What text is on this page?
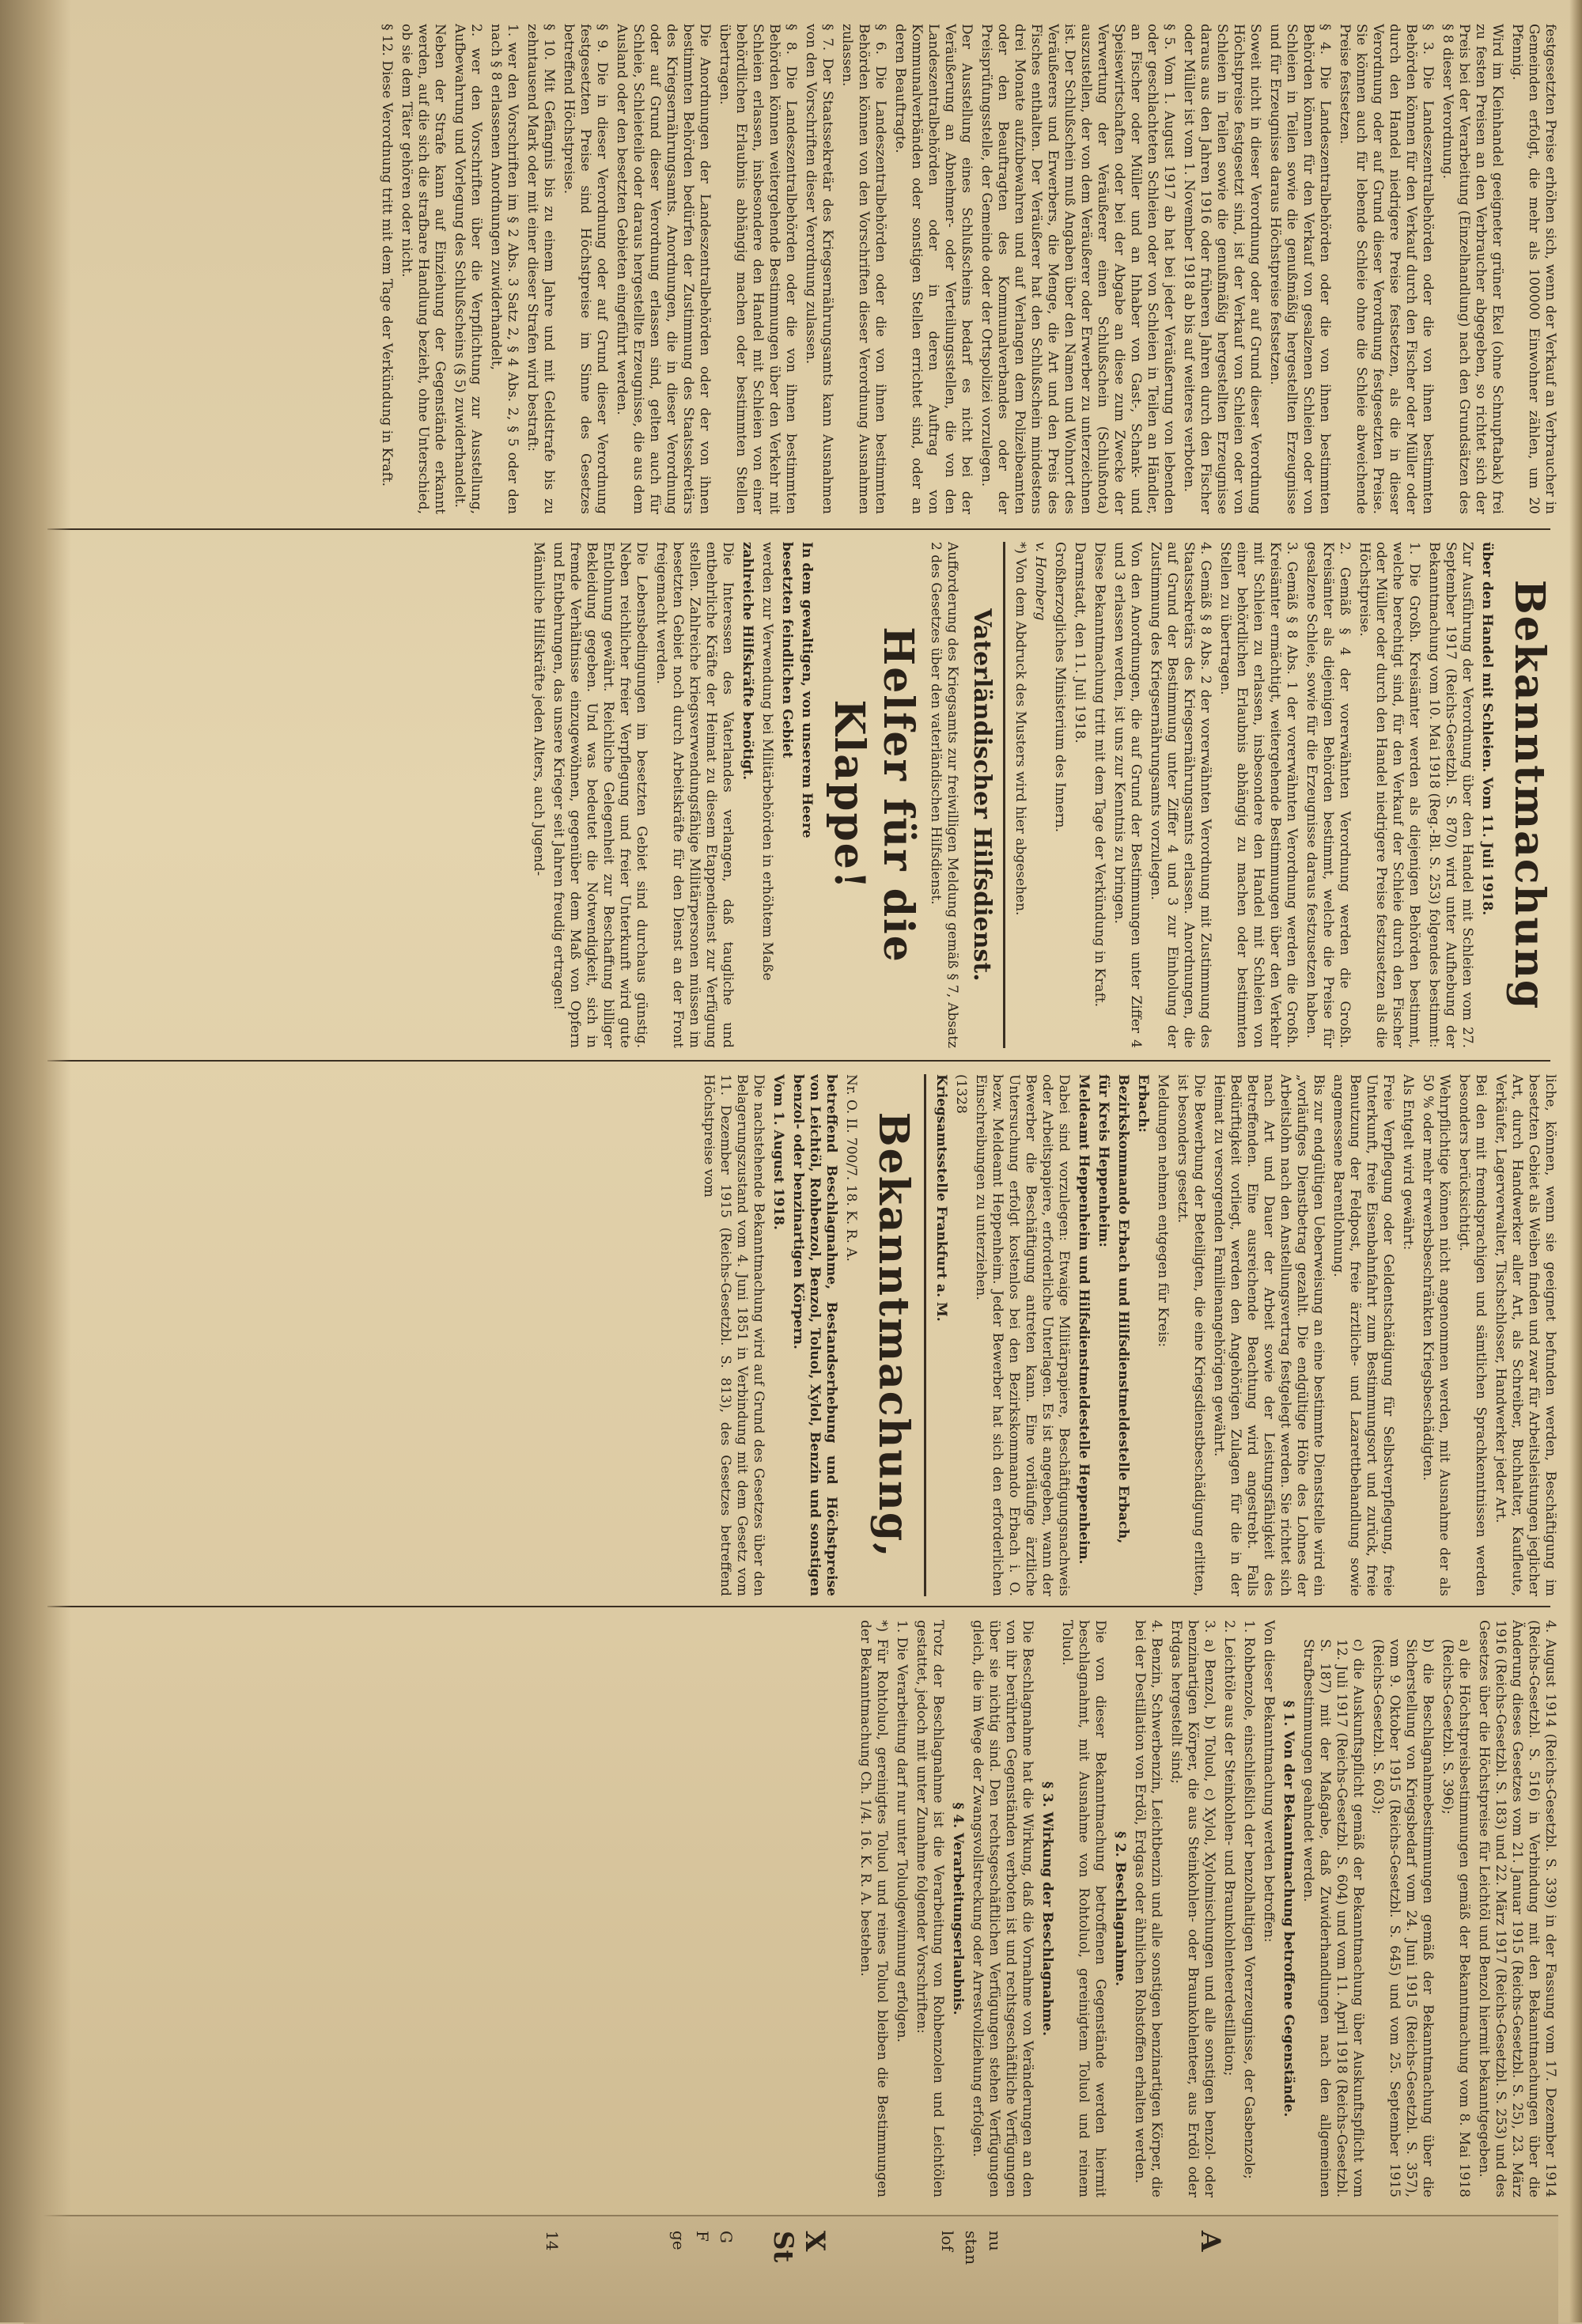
festgesetzten Preise erhöhen sich, wenn der Verkauf an Verbraucher in Gemeinden erfolgt, die mehr als 100000 Einwohner zählen, um 20 Pfennig.

Wird im Kleinhandel geeigneter grüner Ekel (ohne Schnupftabak) frei zu festen Preisen an den Verbraucher abgegeben, so richtet sich der Preis bei der Verarbeitung (Einzelhandlung) nach den Grundsätzen des § 8 dieser Verordnung.

§ 3. Die Landeszentralbehörden oder die von ihnen bestimmten Behörden können für den Verkauf durch den Fischer oder Müller oder durch den Handel niedrigere Preise festsetzen, als die in dieser Verordnung oder auf Grund dieser Verordnung festgesetzten Preise. Sie können auch für lebende Schleie ohne die Schleie abweichende Preise festsetzen.

§ 4. Die Landeszentralbehörden oder die von ihnen bestimmten Behörden können für den Verkauf von gesalzenen Schleien oder von Schleien in Teilen sowie die genußmäßig hergestellten Erzeugnisse und für Erzeugnisse daraus Höchstpreise festsetzen.

Soweit nicht in dieser Verordnung oder auf Grund dieser Verordnung Höchstpreise festgesetzt sind, ist der Verkauf von Schleien oder von Schleien in Teilen sowie die genußmäßig hergestellten Erzeugnisse daraus aus den Jahren 1916 oder früheren Jahren durch den Fischer oder Müller ist vom 1. November 1918 ab bis auf weiteres verboten.

§ 5. Vom 1. August 1917 ab hat bei jeder Veräußerung von lebenden oder geschlachteten Schleien oder von Schleien in Teilen an Händler, an Fischer oder Müller und an Inhaber von Gast-, Schank- und Speisewirtschaften oder bei der Abgabe an diese zum Zwecke der Verwertung der Veräußerer einen Schlußschein (Schlußnota) auszustellen, der von dem Veräußerer oder Erwerber zu unterzeichnen ist. Der Schlußschein muß Angaben über den Namen und Wohnort des Veräußerers und Erwerbers, die Menge, die Art und den Preis des Fisches enthalten. Der Veräußerer hat den Schlußschein mindestens drei Monate aufzubewahren und auf Verlangen dem Polizeibeamten oder den Beauftragten des Kommunalverbandes oder der Preisprüfungsstelle, der Gemeinde oder der Ortspolizei vorzulegen.

Der Ausstellung eines Schlußscheins bedarf es nicht bei der Veräußerung an Abnehmer- oder Verteilungsstellen, die von den Landeszentralbehörden oder in deren Auftrag von Kommunalverbänden oder sonstigen Stellen errichtet sind, oder an deren Beauftragte.

§ 6. Die Landeszentralbehörden oder die von ihnen bestimmten Behörden können von den Vorschriften dieser Verordnung Ausnahmen zulassen.

§ 7. Der Staatssekretär des Kriegsernährungsamts kann Ausnahmen von den Vorschriften dieser Verordnung zulassen.

§ 8. Die Landeszentralbehörden oder die von ihnen bestimmten Behörden können weitergehende Bestimmungen über den Verkehr mit Schleien erlassen, insbesondere den Handel mit Schleien von einer behördlichen Erlaubnis abhängig machen oder bestimmten Stellen übertragen.

Die Anordnungen der Landeszentralbehörden oder der von ihnen bestimmten Behörden bedürfen der Zustimmung des Staatssekretärs des Kriegsernährungsamts. Anordnungen, die in dieser Verordnung oder auf Grund dieser Verordnung erlassen sind, gelten auch für Schleie, Schleieteile oder daraus hergestellte Erzeugnisse, die aus dem Ausland oder den besetzten Gebieten eingeführt werden.

§ 9. Die in dieser Verordnung oder auf Grund dieser Verordnung festgesetzten Preise sind Höchstpreise im Sinne des Gesetzes betreffend Höchstpreise.

§ 10. Mit Gefängnis bis zu einem Jahre und mit Geldstrafe bis zu zehntausend Mark oder mit einer dieser Strafen wird bestraft:

1. wer den Vorschriften im § 2 Abs. 3 Satz 2, § 4 Abs. 2, § 5 oder den nach § 8 erlassenen Anordnungen zuwiderhandelt,

2. wer den Vorschriften über die Verpflichtung zur Ausstellung, Aufbewahrung und Vorlegung des Schlußscheins (§ 5) zuwiderhandelt.

Neben der Strafe kann auf Einziehung der Gegenstände erkannt werden, auf die sich die strafbare Handlung bezieht, ohne Unterschied, ob sie dem Täter gehören oder nicht.

§ 12. Diese Verordnung tritt mit dem Tage der Verkündung in Kraft.

Bekanntmachung

über den Handel mit Schleien. Vom 11. Juli 1918.

Zur Ausführung der Verordnung über den Handel mit Schleien vom 27. September 1917 (Reichs-Gesetzbl. S. 870) wird unter Aufhebung der Bekanntmachung vom 10. Mai 1918 (Reg.-Bl. S. 253) folgendes bestimmt:

1. Die Großh. Kreisämter werden als diejenigen Behörden bestimmt, welche berechtigt sind, für den Verkauf der Schleie durch den Fischer oder Müller oder durch den Handel niedrigere Preise festzusetzen als die Höchstpreise.

2. Gemäß § 4 der vorerwähnten Verordnung werden die Großh. Kreisämter als diejenigen Behörden bestimmt, welche die Preise für gesalzene Schleie, sowie für die Erzeugnisse daraus festzusetzen haben.

3. Gemäß § 8 Abs. 1 der vorerwähnten Verordnung werden die Großh. Kreisämter ermächtigt, weitergehende Bestimmungen über den Verkehr mit Schleien zu erlassen, insbesondere den Handel mit Schleien von einer behördlichen Erlaubnis abhängig zu machen oder bestimmten Stellen zu übertragen.

4. Gemäß § 8 Abs. 2 der vorerwähnten Verordnung mit Zustimmung des Staatssekretärs des Kriegsernährungsamts erlassen. Anordnungen, die auf Grund der Bestimmung unter Ziffer 4 und 3 zur Einholung der Zustimmung des Kriegsernährungsamts vorzulegen.

Von den Anordnungen, die auf Grund der Bestimmungen unter Ziffer 4 und 3 erlassen werden, ist uns zur Kenntnis zu bringen.

Diese Bekanntmachung tritt mit dem Tage der Verkündung in Kraft.

Darmstadt, den 11. Juli 1918.

Großherzogliches Ministerium des Innern.

v. Homberg

*) Von dem Abdruck des Musters wird hier abgesehen.

Vaterländischer Hilfsdienst.

Aufforderung des Kriegsamts zur freiwilligen Meldung gemäß § 7, Absatz 2 des Gesetzes über den vaterländischen Hilfsdienst.

Helfer für die Klappe!

In dem gewaltigen, von unserem Heere

besetzten feindlichen Gebiet

werden zur Verwendung bei Militärbehörden in erhöhtem Maße

zahlreiche Hilfskräfte benötigt.

Die Interessen des Vaterlandes verlangen, daß taugliche und entbehrliche Kräfte der Heimat zu diesem Etappendienst zur Verfügung stellen. Zahlreiche kriegsverwendungsfähige Militärpersonen müssen im besetzten Gebiet noch durch Arbeitskräfte für den Dienst an der Front freigemacht werden.

Die Lebensbedingungen im besetzten Gebiet sind durchaus günstig. Neben reichlicher freier Verpflegung und freier Unterkunft wird gute Entlohnung gewährt. Reichliche Gelegenheit zur Beschaffung billiger Bekleidung gegeben. Und was bedeutet die Notwendigkeit, sich in fremde Verhältnisse einzugewöhnen, gegenüber dem Maß von Opfern und Entbehrungen, das unsere Krieger seit Jahren freudig ertragen!

Männliche Hilfskräfte jeden Alters, auch Jugend-

liche, können, wenn sie geeignet befunden werden, Beschäftigung im besetzten Gebiet als Weiben finden und zwar für Arbeitsleistungen jeglicher Art, durch Handwerker aller Art, als Schreiber, Buchhalter, Kaufleute, Verkäufer, Lagerverwalter, Tischschlosser, Handwerker jeder Art.

Bei den mit fremdsprachigen und sämtlichen Sprachkenntnissen werden besonders berücksichtigt.

Wehrpflichtige können nicht angenommen werden, mit Ausnahme der als 50 % oder mehr erwerbsbeschränkten Kriegsbeschädigten.

Als Entgelt wird gewährt:

Freie Verpflegung oder Geldentschädigung für Selbstverpflegung, freie Unterkunft, freie Eisenbahnfahrt zum Bestimmungsort und zurück, freie Benutzung der Feldpost, freie ärztliche- und Lazarettbehandlung sowie angemessene Barentlohnung.

Bis zur endgültigen Ueberweisung an eine bestimmte Dienststelle wird ein „vorläufiges Dienstbetrag gezahlt. Die endgültige Höhe des Lohnes der Arbeitslohn nach den Anstellungsvertrag festgelegt werden. Sie richtet sich nach Art und Dauer der Arbeit sowie der Leistungsfähigkeit des Betreffenden. Eine ausreichende Beachtung wird angestrebt. Falls Bedürftigkeit vorliegt, werden den Angehörigen Zulagen für die in der Heimat zu versorgenden Familienangehörigen gewährt.

Die Bewerbung der Beteiligten, die eine Kriegsdienstbeschädigung erlitten, ist besonders gesetzt.

Meldungen nehmen entgegen für Kreis:

Erbach:

Bezirkskommando Erbach und Hilfsdienstmeldestelle Erbach,

für Kreis Heppenheim:

Meldeamt Heppenheim und Hilfsdienstmeldestelle Heppenheim.

Dabei sind vorzulegen: Etwaige Militärpapiere, Beschäftigungsnachweis oder Arbeitspapiere, erforderliche Unterlagen. Es ist angegeben, wann der Bewerber die Beschäftigung antreten kann. Eine vorläufige ärztliche Untersuchung erfolgt kostenlos bei den Bezirkskommando Erbach i. O. bezw. Meldeamt Heppenheim. Jeder Bewerber hat sich den erforderlichen Einschreibungen zu unterziehen.

(1328

Kriegsamtsstelle Frankfurt a. M.

Bekanntmachung,

Nr. O. II. 700/7. 18. K. R. A.

betreffend Beschlagnahme, Bestandserhebung und Höchstpreise von Leichtöl, Rohbenzol, Benzol, Toluol, Xylol, Benzin und sonstigen benzol- oder benzinartigen Körpern.

Vom 1. August 1918.

Die nachstehende Bekanntmachung wird auf Grund des Gesetzes über den Belagerungszustand vom 4. Juni 1851 in Verbindung mit dem Gesetz vom 11. Dezember 1915 (Reichs-Gesetzbl. S. 813), des Gesetzes betreffend Höchstpreise vom

4. August 1914 (Reichs-Gesetzbl. S. 339) in der Fassung vom 17. Dezember 1914 (Reichs-Gesetzbl. S. 516) in Verbindung mit den Bekanntmachungen über die Änderung dieses Gesetzes vom 21. Januar 1915 (Reichs-Gesetzbl. S. 25), 23. März 1916 (Reichs-Gesetzbl. S. 183) und 22. März 1917 (Reichs-Gesetzbl. S. 253) und des Gesetzes über die Höchstpreise für Leichtöl und Benzol hiermit bekanntgegeben.

a) die Höchstpreisbestimmungen gemäß der Bekanntmachung vom 8. Mai 1918 (Reichs-Gesetzbl. S. 396);

b) die Beschlagnahmebestimmungen gemäß der Bekanntmachung über die Sicherstellung von Kriegsbedarf vom 24. Juni 1915 (Reichs-Gesetzbl. S. 357), vom 9. Oktober 1915 (Reichs-Gesetzbl. S. 645) und vom 25. September 1915 (Reichs-Gesetzbl. S. 603);

c) die Auskunftspflicht gemäß der Bekanntmachung über Auskunftspflicht vom 12. Juli 1917 (Reichs-Gesetzbl. S. 604) und vom 11. April 1918 (Reichs-Gesetzbl. S. 187) mit der Maßgabe, daß Zuwiderhandlungen nach den allgemeinen Strafbestimmungen geahndet werden.

§ 1. Von der Bekanntmachung betroffene Gegenstände.

Von dieser Bekanntmachung werden betroffen:

1. Rohbenzole, einschließlich der benzolhaltigen Vorerzeugnisse, der Gasbenzole;

2. Leichtöle aus der Steinkohlen- und Braunkohlenteerdestillation;

3. a) Benzol, b) Toluol, c) Xylol, Xylolmischungen und alle sonstigen benzol- oder benzinartigen Körper, die aus Steinkohlen- oder Braunkohlenteer, aus Erdöl oder Erdgas hergestellt sind;

4. Benzin, Schwerbenzin, Leichtbenzin und alle sonstigen benzinartigen Körper, die bei der Destillation von Erdöl, Erdgas oder ähnlichen Rohstoffen erhalten werden.

§ 2. Beschlagnahme.

Die von dieser Bekanntmachung betroffenen Gegenstände werden hiermit beschlagnahmt, mit Ausnahme von Rohtoluol, gereinigtem Toluol und reinem Toluol.

§ 3. Wirkung der Beschlagnahme.

Die Beschlagnahme hat die Wirkung, daß die Vornahme von Veränderungen an den von ihr berührten Gegenständen verboten ist und rechtsgeschäftliche Verfügungen über sie nichtig sind. Den rechtsgeschäftlichen Verfügungen stehen Verfügungen gleich, die im Wege der Zwangsvollstreckung oder Arrestvollziehung erfolgen.

§ 4. Verarbeitungserlaubnis.

Trotz der Beschlagnahme ist die Verarbeitung von Rohbenzolen und Leichtölen gestattet, jedoch mit unter Zunahme folgender Vorschriften:

1. Die Verarbeitung darf nur unter Toluolgewinnung erfolgen.

*) Für Rohtoluol, gereinigtes Toluol und reines Toluol bleiben die Bestimmungen der Bekanntmachung Ch. 1/4. 16. K. R. A. bestehen.

A
nu
stan
lof
X
St
G
F
ge
14
